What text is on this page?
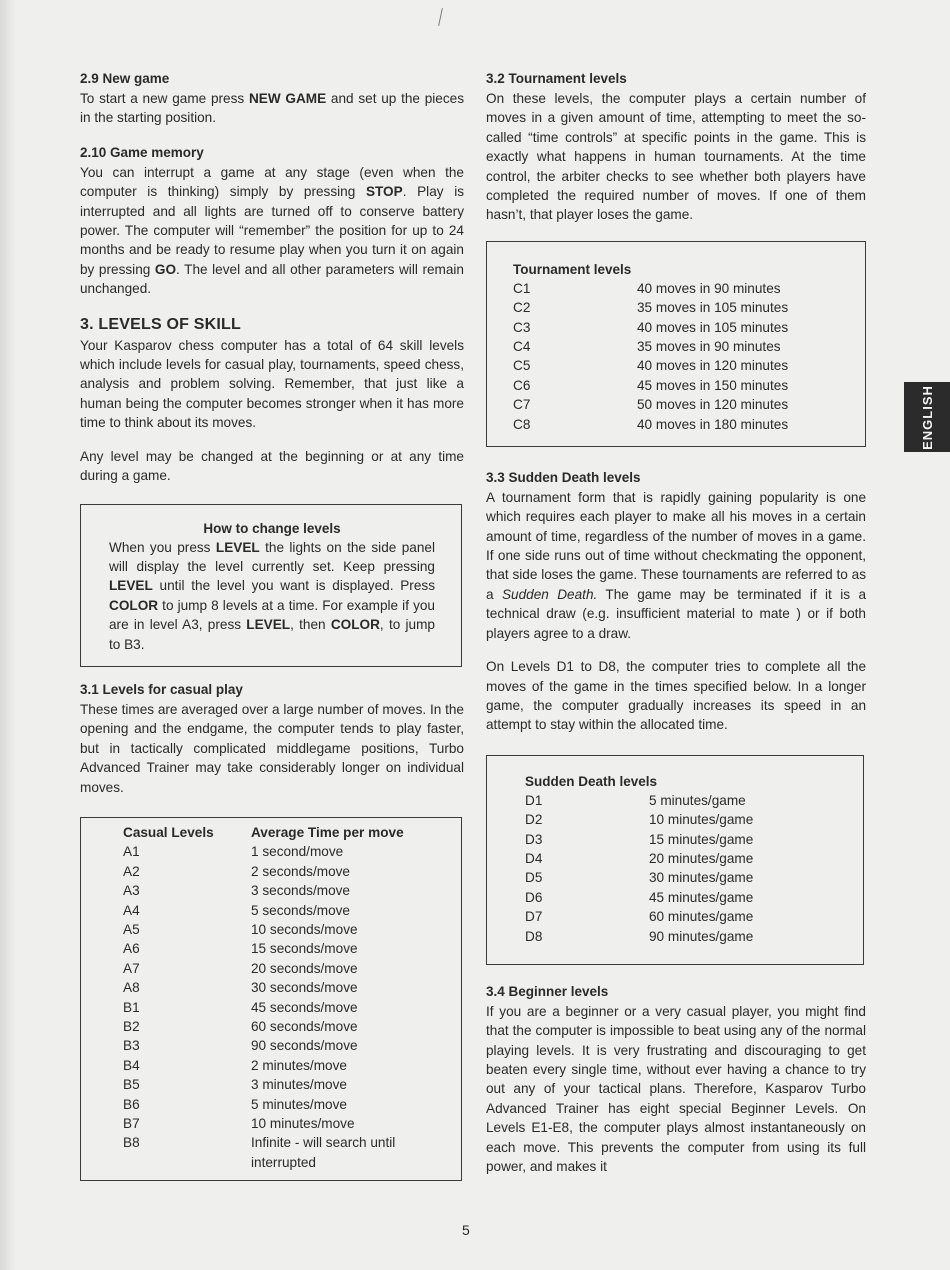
2.9 New game

To start a new game press NEW GAME and set up the pieces in the starting position.

2.10 Game memory

You can interrupt a game at any stage (even when the computer is thinking) simply by pressing STOP. Play is interrupted and all lights are turned off to conserve battery power. The computer will “remember” the position for up to 24 months and be ready to resume play when you turn it on again by pressing GO. The level and all other parameters will remain unchanged.

3. LEVELS OF SKILL

Your Kasparov chess computer has a total of 64 skill levels which include levels for casual play, tournaments, speed chess, analysis and problem solving. Remember, that just like a human being the computer becomes stronger when it has more time to think about its moves.

Any level may be changed at the beginning or at any time during a game.

How to change levels

When you press LEVEL the lights on the side panel will display the level currently set. Keep pressing LEVEL until the level you want is displayed. Press COLOR to jump 8 levels at a time. For example if you are in level A3, press LEVEL, then COLOR, to jump to B3.

3.1 Levels for casual play

These times are averaged over a large number of moves. In the opening and the endgame, the computer tends to play faster, but in tactically complicated middlegame positions, Turbo Advanced Trainer may take considerably longer on individual moves.

Casual Levels	Average Time per move
A1	1 second/move
A2	2 seconds/move
A3	3 seconds/move
A4	5 seconds/move
A5	10 seconds/move
A6	15 seconds/move
A7	20 seconds/move
A8	30 seconds/move
B1	45 seconds/move
B2	60 seconds/move
B3	90 seconds/move
B4	2 minutes/move
B5	3 minutes/move
B6	5 minutes/move
B7	10 minutes/move
B8	Infinite - will search until interrupted
3.2 Tournament levels

On these levels, the computer plays a certain number of moves in a given amount of time, attempting to meet the so-called “time controls” at specific points in the game. This is exactly what happens in human tournaments. At the time control, the arbiter checks to see whether both players have completed the required number of moves. If one of them hasn’t, that player loses the game.

Tournament levels
C1	40 moves in 90 minutes
C2	35 moves in 105 minutes
C3	40 moves in 105 minutes
C4	35 moves in 90 minutes
C5	40 moves in 120 minutes
C6	45 moves in 150 minutes
C7	50 moves in 120 minutes
C8	40 moves in 180 minutes
3.3 Sudden Death levels

A tournament form that is rapidly gaining popularity is one which requires each player to make all his moves in a certain amount of time, regardless of the number of moves in a game. If one side runs out of time without checkmating the opponent, that side loses the game. These tournaments are referred to as a Sudden Death. The game may be terminated if it is a technical draw (e.g. insufficient material to mate ) or if both players agree to a draw.

On Levels D1 to D8, the computer tries to complete all the moves of the game in the times specified below. In a longer game, the computer gradually increases its speed in an attempt to stay within the allocated time.

Sudden Death levels
D1	5 minutes/game
D2	10 minutes/game
D3	15 minutes/game
D4	20 minutes/game
D5	30 minutes/game
D6	45 minutes/game
D7	60 minutes/game
D8	90 minutes/game
3.4 Beginner levels

If you are a beginner or a very casual player, you might find that the computer is impossible to beat using any of the normal playing levels. It is very frustrating and discouraging to get beaten every single time, without ever having a chance to try out any of your tactical plans. Therefore, Kasparov Turbo Advanced Trainer has eight special Beginner Levels. On Levels E1-E8, the computer plays almost instantaneously on each move. This prevents the computer from using its full power, and makes it

ENGLISH
5
